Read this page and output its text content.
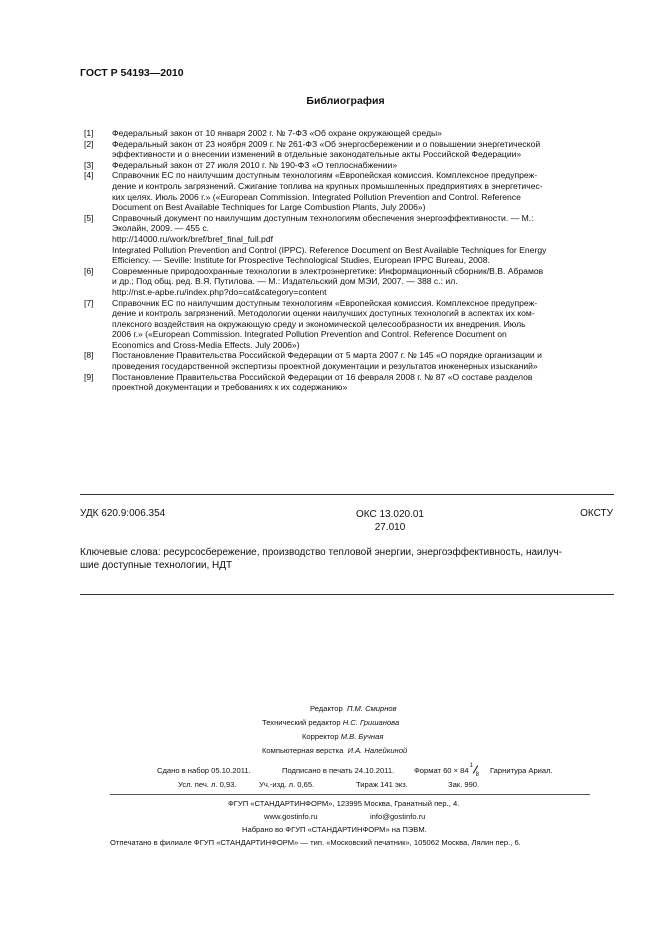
ГОСТ Р 54193—2010
Библиография
[1]	Федеральный закон от 10 января 2002 г. № 7-ФЗ «Об охране окружающей среды»
[2]	Федеральный закон от 23 ноября 2009 г. № 261-ФЗ «Об энергосбережении и о повышении энергетической
эффективности и о внесении изменений в отдельные законодательные акты Российской Федерации»
[3]	Федеральный закон от 27 июля 2010 г. № 190-ФЗ «О теплоснабжении»
[4]	Справочник ЕС по наилучшим доступным технологиям «Европейская комиссия. Комплексное предупреж-
дение и контроль загрязнений. Сжигание топлива на крупных промышленных предприятиях в энергетичес-
ких целях. Июль 2006 г.» («European Commission. Integrated Pollution Prevention and Control. Reference
Document on Best Available Techniques for Large Combustion Plants, July 2006»)
[5]	Справочный документ по наилучшим доступным технологиям обеспечения энергоэффективности. — М.:
Эколайн, 2009. — 455 с.
http://14000.ru/work/bref/bref_final_full.pdf
Integrated Pollution Prevention and Control (IPPC). Reference Document on Best Available Techniques for Energy
Efficiency. — Seville: Institute for Prospective Technological Studies, European IPPC Bureau, 2008.
[6]	Современные природоохранные технологии в электроэнергетике: Информационный сборник/В.В. Абрамов
и др.; Под общ. ред. В.Я. Путилова. — М.: Издательский дом МЭИ, 2007. — 388 с.: ил.
http://nst.e-apbe.ru/index.php?do=cat&category=content
[7]	Справочник ЕС по наилучшим доступным технологиям «Европейская комиссия. Комплексное предупреж-
дение и контроль загрязнений. Методологии оценки наилучших доступных технологий в аспектах их ком-
плексного воздействия на окружающую среду и экономической целесообразности их внедрения. Июль
2006 г.» («European Commission. Integrated Pollution Prevention and Control. Reference Document on
Economics and Cross-Media Effects. July 2006»)
[8]	Постановление Правительства Российской Федерации от 5 марта 2007 г. № 145 «О порядке организации и
проведения государственной экспертизы проектной документации и результатов инженерных изысканий»
[9]	Постановление Правительства Российской Федерации от 16 февраля 2008 г. № 87 «О составе разделов
проектной документации и требованиях к их содержанию»
УДК 620.9:006.354	ОКС 13.020.01
27.010
ОКСТУ
Ключевые слова: ресурсосбережение, производство тепловой энергии, энергоэффективность, наилуч-
шие доступные технологии, НДТ
Редактор П.М. Смирнов
Технический редактор Н.С. Гришанова
Корректор М.В. Бучная
Компьютерная верстка И.А. Налейкиной
Сдано в набор 05.10.2011.	Подписано в печать 24.10.2011.	Формат 60 × 84 1
8 Гарнитура Ариал.
Усл. печ. л. 0,93.	Уч.-изд. л. 0,65.	Тираж 141 экз.	Зак. 990.
ФГУП «СТАНДАРТИНФОРМ», 123995 Москва, Гранатный пер., 4.
www.gostinfo.ru	info@gostinfo.ru
Набрано во ФГУП «СТАНДАРТИНФОРМ» на ПЭВМ.
Отпечатано в филиале ФГУП «СТАНДАРТИНФОРМ» — тип. «Московский печатник», 105062 Москва, Лялин пер., 6.
